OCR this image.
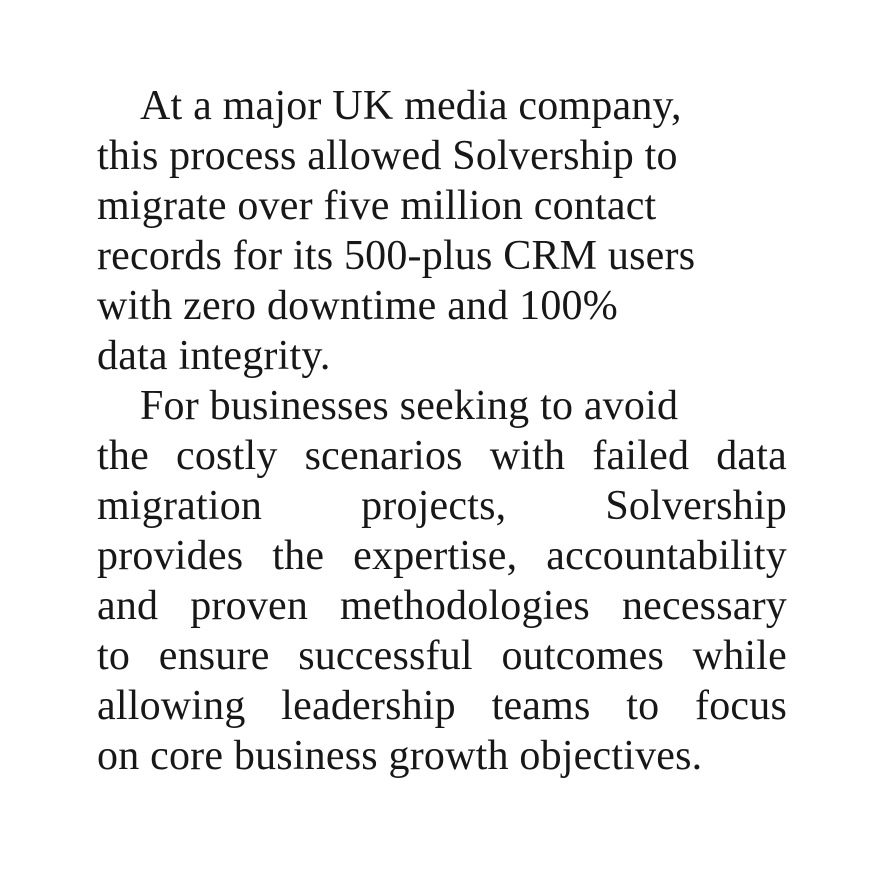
At a major UK media company,
this process allowed Solvership to
migrate over five million contact
records for its 500-plus CRM users
with zero downtime and 100%
data integrity.
For businesses seeking to avoid
the costly scenarios with failed data
migration projects, Solvership
provides the expertise, accountability
and proven methodologies necessary
to ensure successful outcomes while
allowing leadership teams to focus
on core business growth objectives.
